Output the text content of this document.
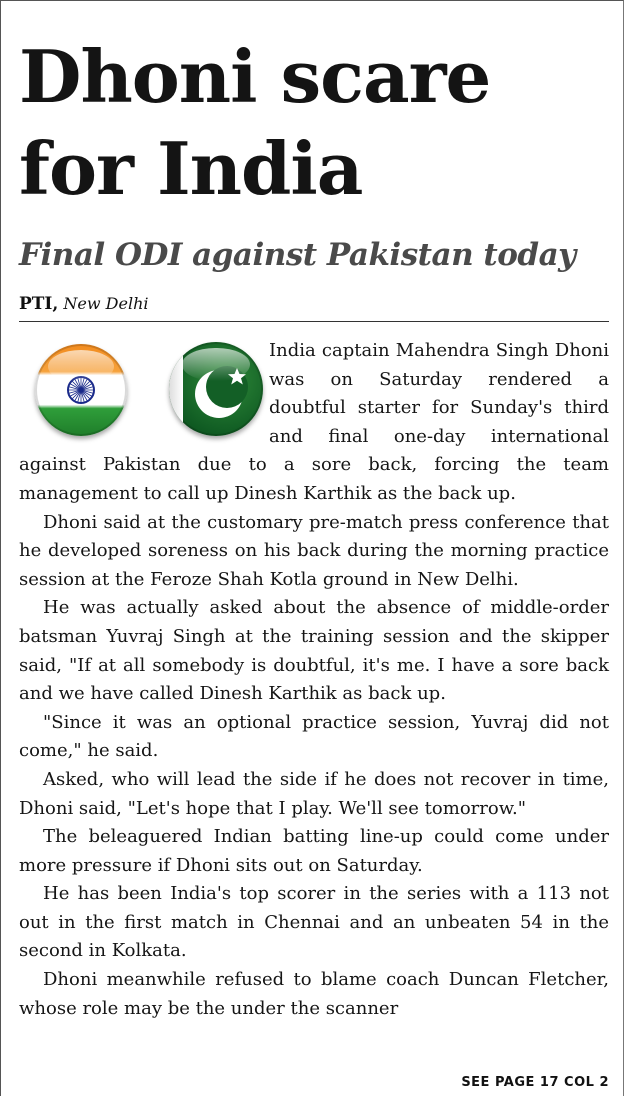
Dhoni scare
for India
Final ODI against Pakistan today
PTI, New Delhi

India captain Mahendra Singh Dhoni was on Saturday rendered a doubtful starter for Sunday's third and final one-day international against Pakistan due to a sore back, forcing the team management to call up Dinesh Karthik as the back up.

Dhoni said at the customary pre-match press conference that he developed soreness on his back during the morning practice session at the Feroze Shah Kotla ground in New Delhi.

He was actually asked about the absence of middle-order batsman Yuvraj Singh at the training session and the skipper said, "If at all somebody is doubtful, it's me. I have a sore back and we have called Dinesh Karthik as back up.

"Since it was an optional practice session, Yuvraj did not come," he said.

Asked, who will lead the side if he does not recover in time, Dhoni said, "Let's hope that I play. We'll see tomorrow."

The beleaguered Indian batting line-up could come under more pressure if Dhoni sits out on Saturday.

He has been India's top scorer in the series with a 113 not out in the first match in Chennai and an unbeaten 54 in the second in Kolkata.

Dhoni meanwhile refused to blame coach Duncan Fletcher, whose role may be the under the scanner

SEE PAGE 17 COL 2
